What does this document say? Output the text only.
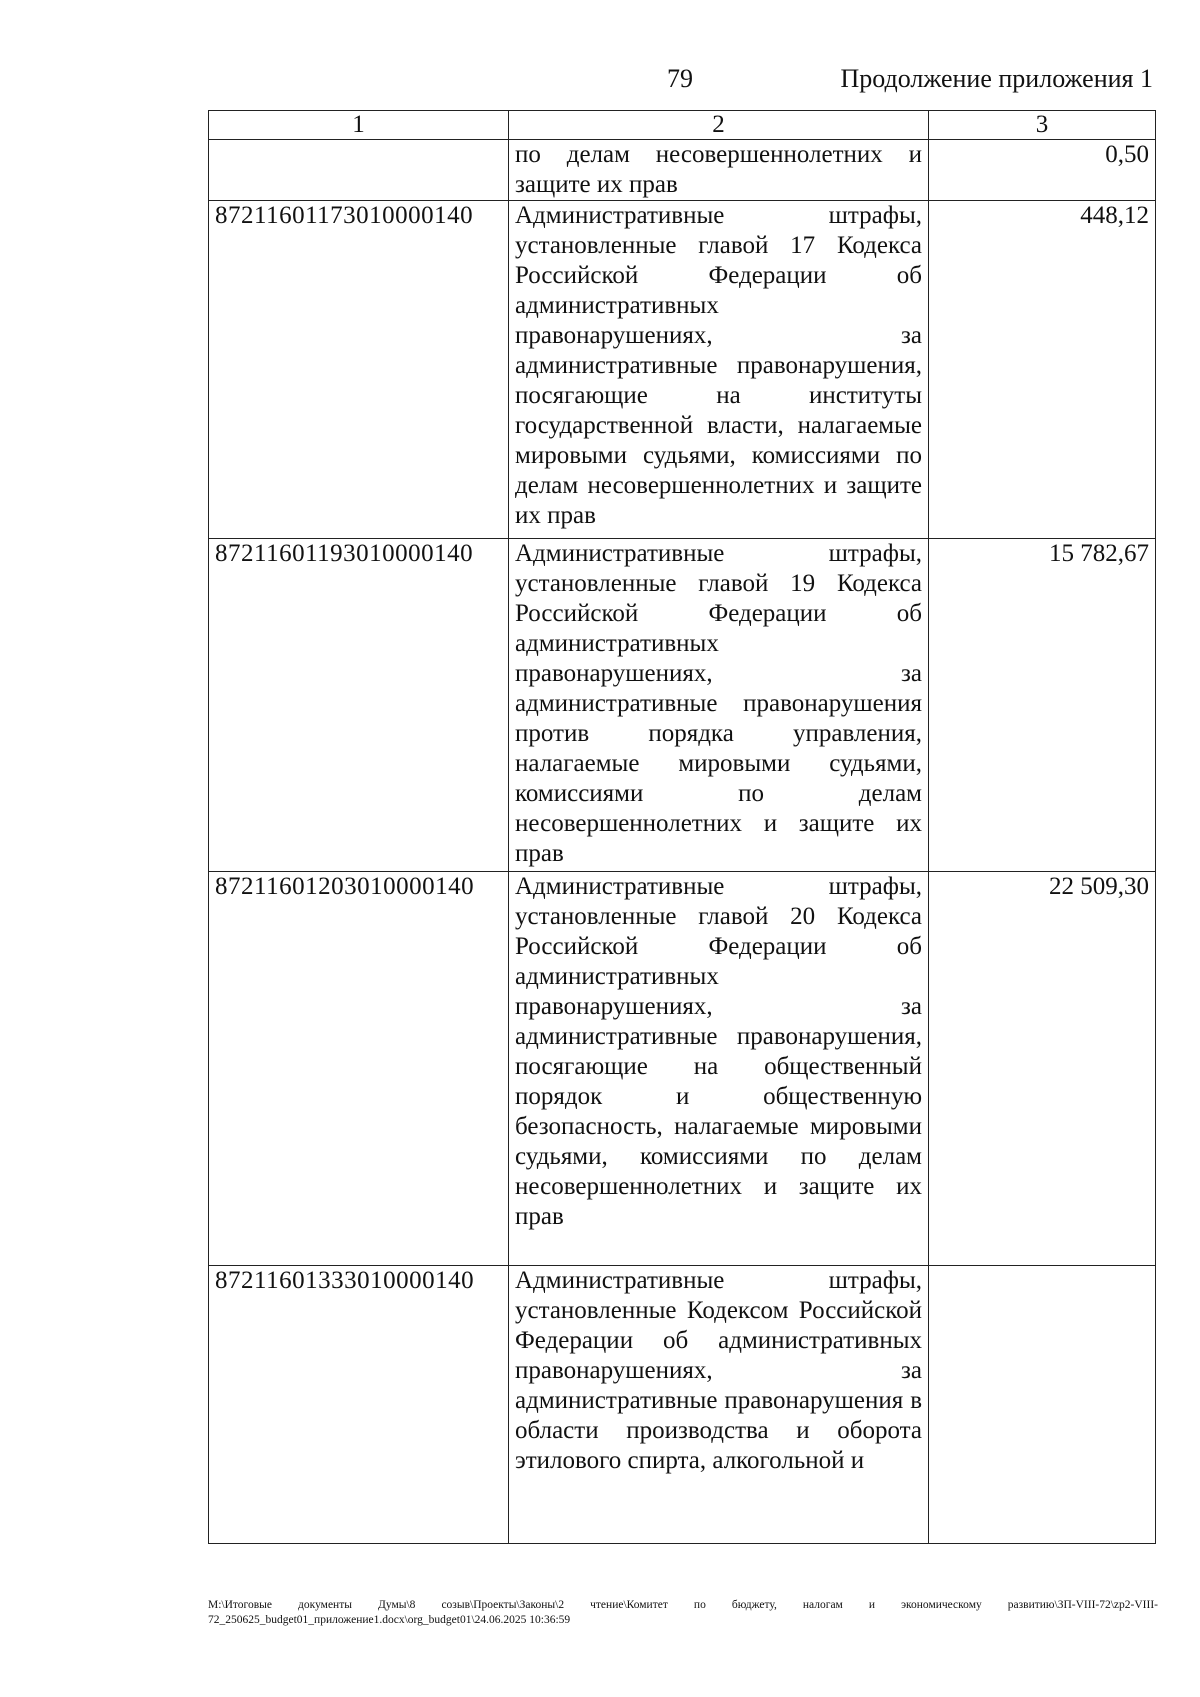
79	Продолжение приложения 1
1	2	3
	по делам несовершеннолетних и защите их прав	0,50
87211601173010000140	Административные штрафы, установленные главой 17 Кодекса Российской Федерации об административных правонарушениях, за административные правонарушения, посягающие на институты государственной власти, налагаемые мировыми судьями, комиссиями по делам несовершеннолетних и защите их прав	448,12
87211601193010000140	Административные штрафы, установленные главой 19 Кодекса Российской Федерации об административных правонарушениях, за административные правонарушения против порядка управления, налагаемые мировыми судьями, комиссиями по делам несовершеннолетних и защите их прав	15 782,67
87211601203010000140	Административные штрафы, установленные главой 20 Кодекса Российской Федерации об административных правонарушениях, за административные правонарушения, посягающие на общественный порядок и общественную безопасность, налагаемые мировыми судьями, комиссиями по делам несовершеннолетних и защите их прав	22 509,30
87211601333010000140	Административные штрафы, установленные Кодексом Российской Федерации об административных правонарушениях, за административные правонарушения в области производства и оборота этилового спирта, алкогольной и	
M:\Итоговые документы Думы\8 созыв\Проекты\Законы\2 чтение\Комитет по бюджету, налогам и экономическому развитию\ЗП-VIII-72\zp2-VIII-72_250625_budget01_приложение1.docx\org_budget01\24.06.2025 10:36:59
